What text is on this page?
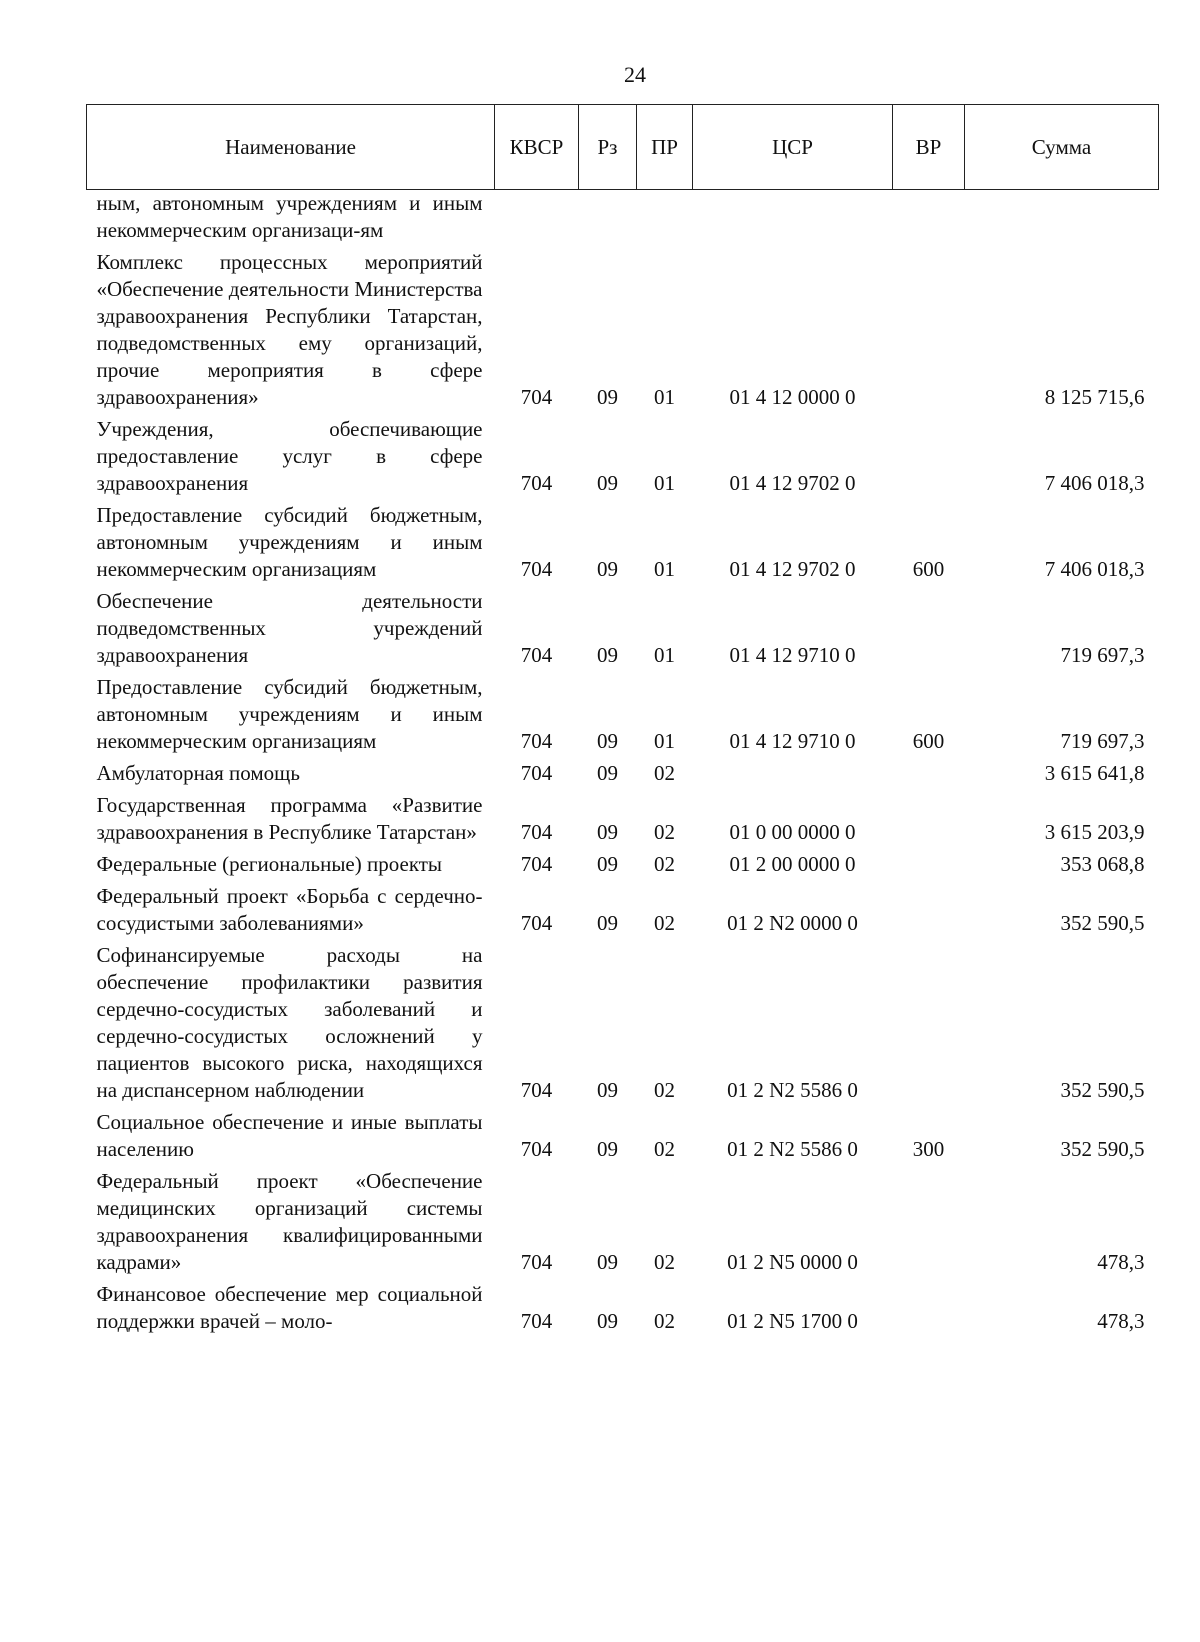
24
Наименование	КВСР	Рз	ПР	ЦСР	ВР	Сумма
ным, автономным учреждениям и иным некоммерческим организаци-ям						
Комплекс процессных мероприятий «Обеспечение деятельности Министерства здравоохранения Республики Татарстан, подведомственных ему организаций, прочие мероприятия в сфере здравоохранения»	704	09	01	01 4 12 0000 0		8 125 715,6
Учреждения, обеспечивающие предоставление услуг в сфере здравоохранения	704	09	01	01 4 12 9702 0		7 406 018,3
Предоставление субсидий бюджетным, автономным учреждениям и иным некоммерческим организациям	704	09	01	01 4 12 9702 0	600	7 406 018,3
Обеспечение деятельности подведомственных учреждений здравоохранения	704	09	01	01 4 12 9710 0		719 697,3
Предоставление субсидий бюджетным, автономным учреждениям и иным некоммерческим организациям	704	09	01	01 4 12 9710 0	600	719 697,3
Амбулаторная помощь	704	09	02			3 615 641,8
Государственная программа «Развитие здравоохранения в Республике Татарстан»	704	09	02	01 0 00 0000 0		3 615 203,9
Федеральные (региональные) проекты	704	09	02	01 2 00 0000 0		353 068,8
Федеральный проект «Борьба с сердечно-сосудистыми заболеваниями»	704	09	02	01 2 N2 0000 0		352 590,5
Софинансируемые расходы на обеспечение профилактики развития сердечно-сосудистых заболеваний и сердечно-сосудистых осложнений у пациентов высокого риска, находящихся на диспансерном наблюдении	704	09	02	01 2 N2 5586 0		352 590,5
Социальное обеспечение и иные выплаты населению	704	09	02	01 2 N2 5586 0	300	352 590,5
Федеральный проект «Обеспечение медицинских организаций системы здравоохранения квалифицированными кадрами»	704	09	02	01 2 N5 0000 0		478,3
Финансовое обеспечение мер социальной поддержки врачей – моло-	704	09	02	01 2 N5 1700 0		478,3
